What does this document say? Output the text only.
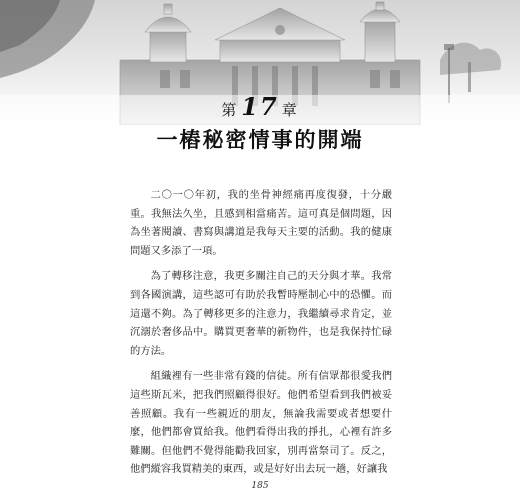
第 17 章
一樁秘密情事的開端

二〇一〇年初，我的坐骨神經痛再度復發，十分嚴重。我無法久坐，且感到相當痛苦。這可真是個問題，因為坐著閱讀、書寫與講道是我每天主要的活動。我的健康問題又多添了一項。

為了轉移注意，我更多關注自己的天分與才華。我常到各國演講，這些認可有助於我暫時壓制心中的恐懼。而這還不夠。為了轉移更多的注意力，我繼續尋求肯定，並沉溺於奢侈品中。購買更奢華的新物件，也是我保持忙碌的方法。

組織裡有一些非常有錢的信徒。所有信眾都很愛我們這些斯瓦米，把我們照顧得很好。他們希望看到我們被妥善照顧。我有一些親近的朋友，無論我需要或者想要什麼，他們都會買給我。他們看得出我的掙扎，心裡有許多難關。但他們不覺得能勸我回家，別再當祭司了。反之，他們縱容我買精美的東西，或是好好出去玩一趟，好讓我

185
